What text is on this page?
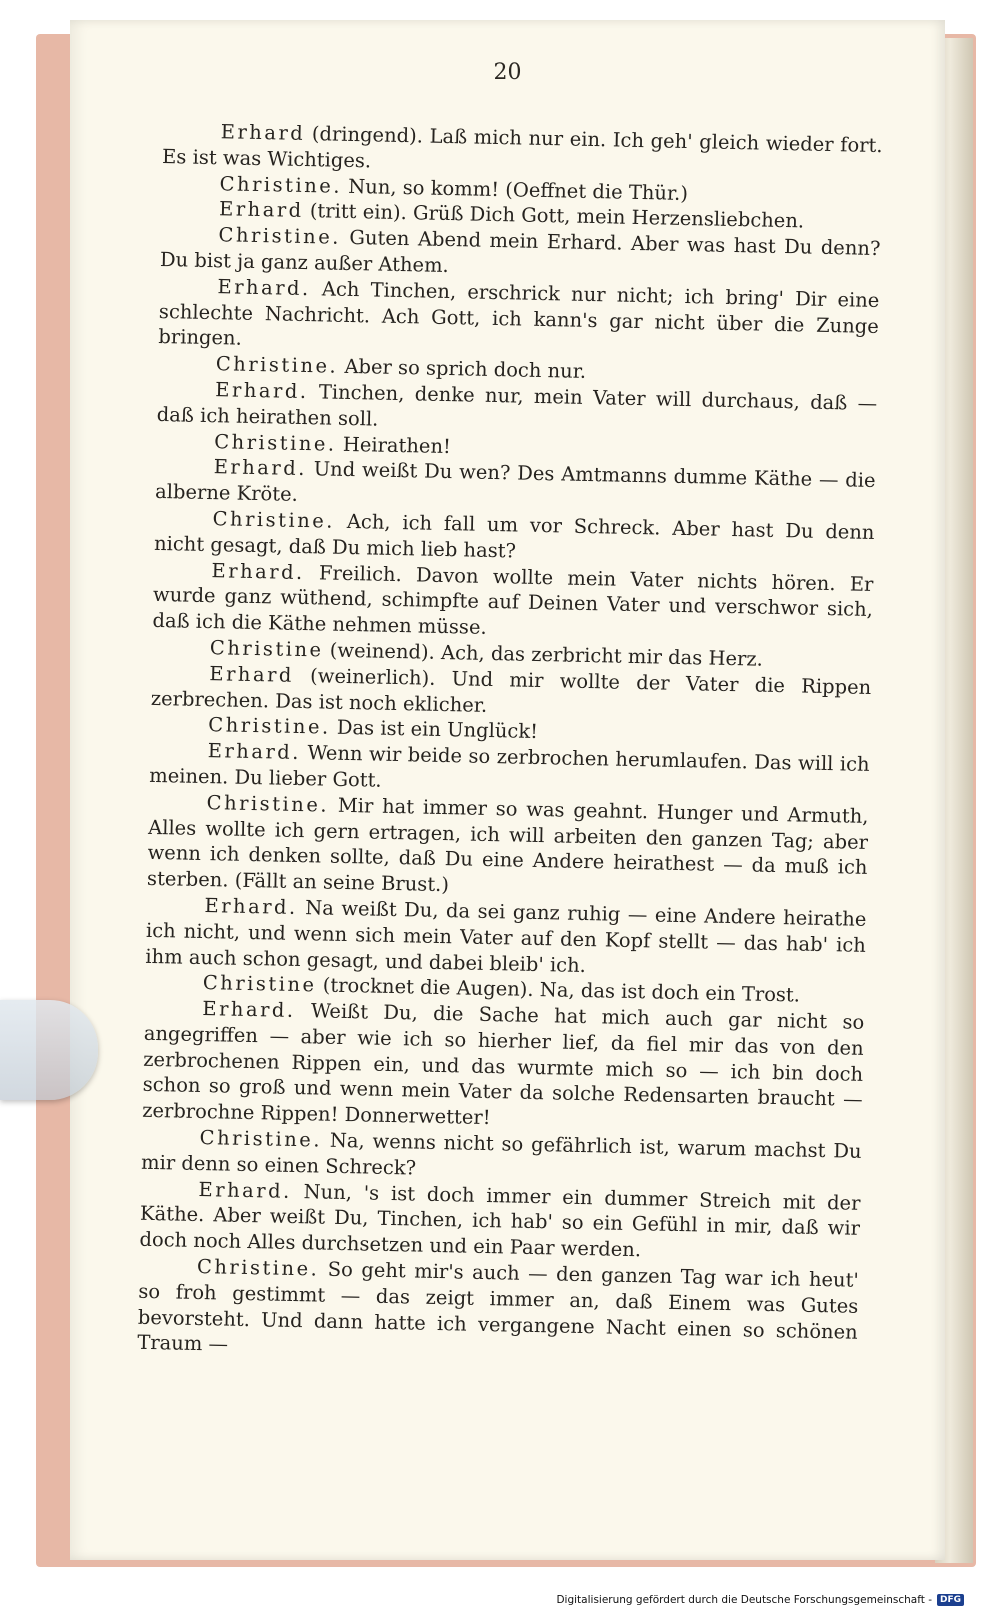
20

Erhard (dringend). Laß mich nur ein. Ich geh' gleich wieder fort. Es ist was Wichtiges.

Christine. Nun, so komm! (Oeffnet die Thür.)

Erhard (tritt ein). Grüß Dich Gott, mein Herzensliebchen.

Christine. Guten Abend mein Erhard. Aber was hast Du denn? Du bist ja ganz außer Athem.

Erhard. Ach Tinchen, erschrick nur nicht; ich bring' Dir eine schlechte Nachricht. Ach Gott, ich kann's gar nicht über die Zunge bringen.

Christine. Aber so sprich doch nur.

Erhard. Tinchen, denke nur, mein Vater will durchaus, daß — daß ich heirathen soll.

Christine. Heirathen!

Erhard. Und weißt Du wen? Des Amtmanns dumme Käthe — die alberne Kröte.

Christine. Ach, ich fall um vor Schreck. Aber hast Du denn nicht gesagt, daß Du mich lieb hast?

Erhard. Freilich. Davon wollte mein Vater nichts hören. Er wurde ganz wüthend, schimpfte auf Deinen Vater und verschwor sich, daß ich die Käthe nehmen müsse.

Christine (weinend). Ach, das zerbricht mir das Herz.

Erhard (weinerlich). Und mir wollte der Vater die Rippen zerbrechen. Das ist noch eklicher.

Christine. Das ist ein Unglück!

Erhard. Wenn wir beide so zerbrochen herumlaufen. Das will ich meinen. Du lieber Gott.

Christine. Mir hat immer so was geahnt. Hunger und Armuth, Alles wollte ich gern ertragen, ich will arbeiten den ganzen Tag; aber wenn ich denken sollte, daß Du eine Andere heirathest — da muß ich sterben. (Fällt an seine Brust.)

Erhard. Na weißt Du, da sei ganz ruhig — eine Andere heirathe ich nicht, und wenn sich mein Vater auf den Kopf stellt — das hab' ich ihm auch schon gesagt, und dabei bleib' ich.

Christine (trocknet die Augen). Na, das ist doch ein Trost.

Erhard. Weißt Du, die Sache hat mich auch gar nicht so angegriffen — aber wie ich so hierher lief, da fiel mir das von den zerbrochenen Rippen ein, und das wurmte mich so — ich bin doch schon so groß und wenn mein Vater da solche Redensarten braucht — zerbrochne Rippen! Donnerwetter!

Christine. Na, wenns nicht so gefährlich ist, warum machst Du mir denn so einen Schreck?

Erhard. Nun, 's ist doch immer ein dummer Streich mit der Käthe. Aber weißt Du, Tinchen, ich hab' so ein Gefühl in mir, daß wir doch noch Alles durchsetzen und ein Paar werden.

Christine. So geht mir's auch — den ganzen Tag war ich heut' so froh gestimmt — das zeigt immer an, daß Einem was Gutes bevorsteht. Und dann hatte ich vergangene Nacht einen so schönen Traum —

Digitalisierung gefördert durch die Deutsche Forschungsgemeinschaft - DFG
